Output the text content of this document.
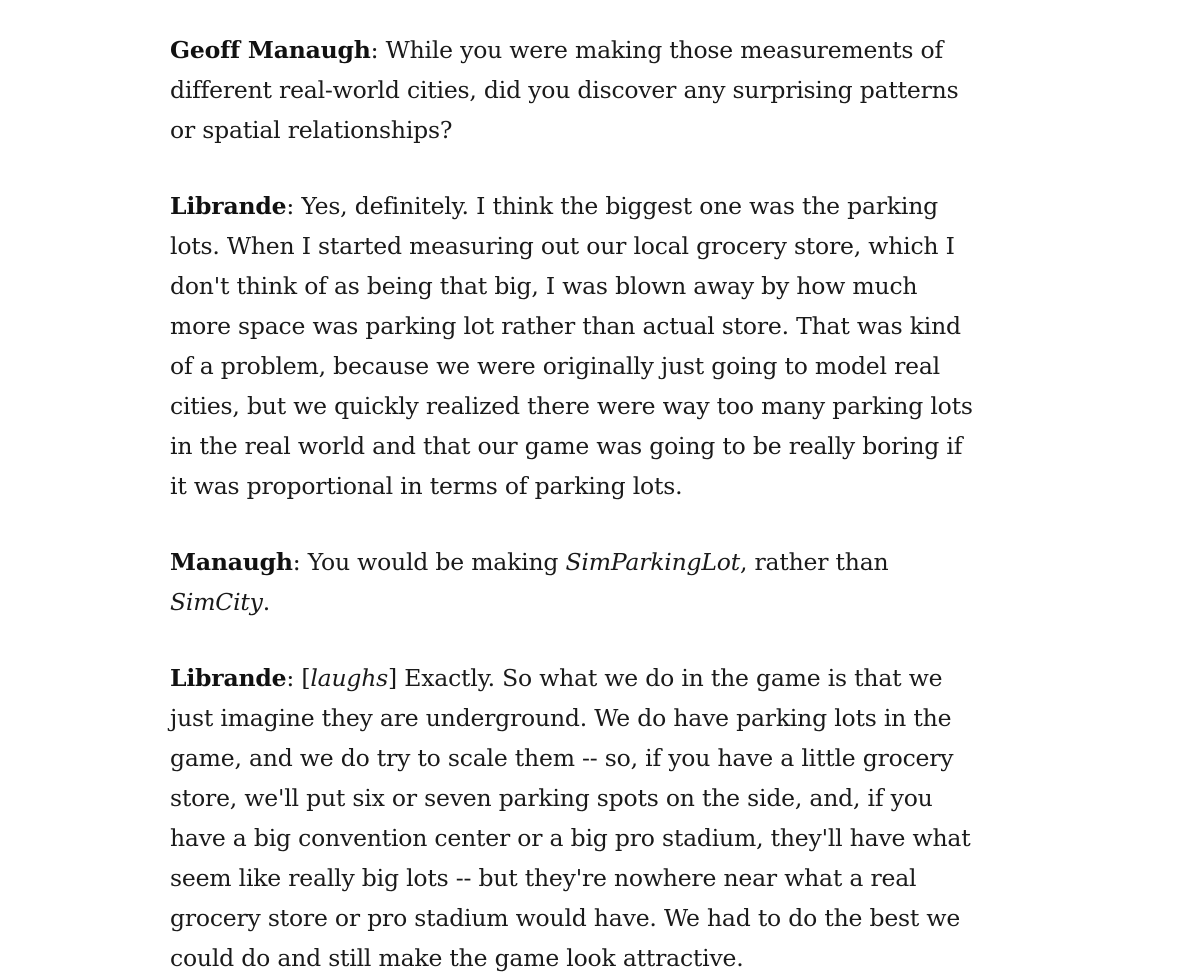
Geoff Manaugh: While you were making those measurements of different real-world cities, did you discover any surprising patterns or spatial relationships?

Librande: Yes, definitely. I think the biggest one was the parking lots. When I started measuring out our local grocery store, which I don't think of as being that big, I was blown away by how much more space was parking lot rather than actual store. That was kind of a problem, because we were originally just going to model real cities, but we quickly realized there were way too many parking lots in the real world and that our game was going to be really boring if it was proportional in terms of parking lots.

Manaugh: You would be making SimParkingLot, rather than SimCity.

Librande: [laughs] Exactly. So what we do in the game is that we just imagine they are underground. We do have parking lots in the game, and we do try to scale them -- so, if you have a little grocery store, we'll put six or seven parking spots on the side, and, if you have a big convention center or a big pro stadium, they'll have what seem like really big lots -- but they're nowhere near what a real grocery store or pro stadium would have. We had to do the best we could do and still make the game look attractive.
